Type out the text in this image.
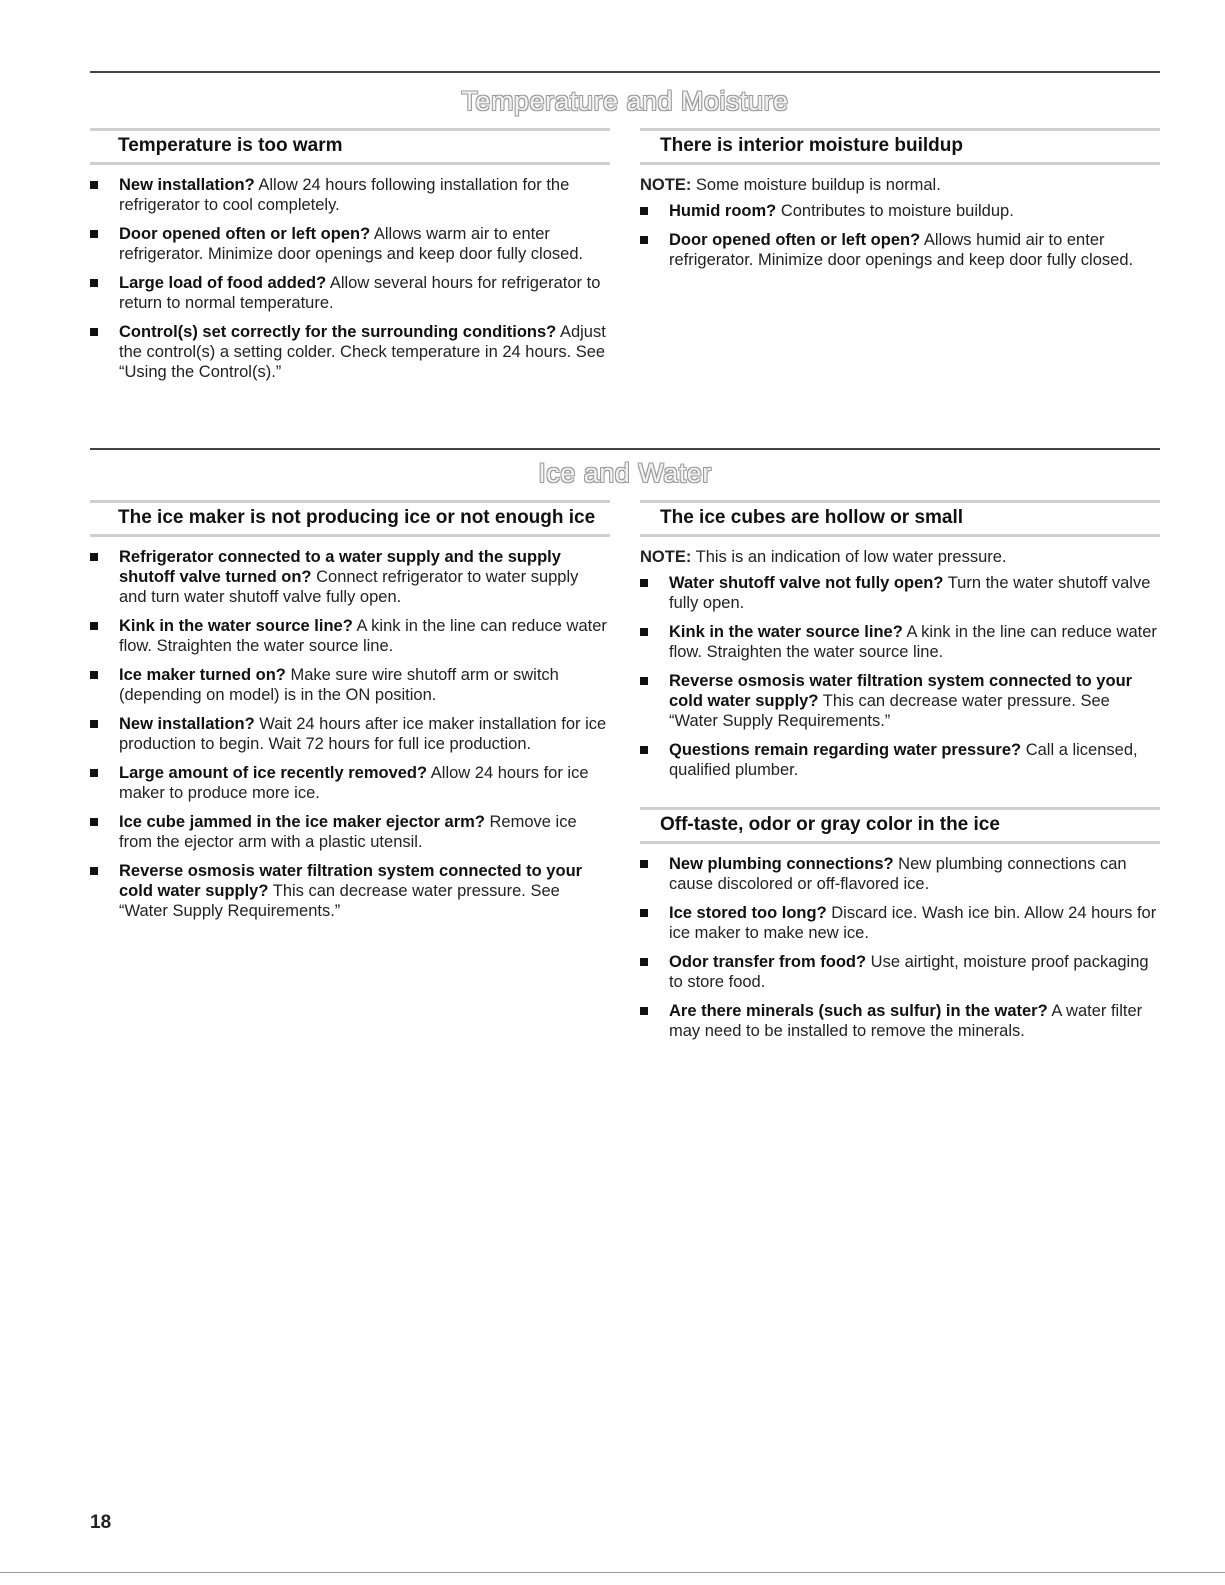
Temperature and Moisture
Temperature is too warm
New installation? Allow 24 hours following installation for the refrigerator to cool completely.
Door opened often or left open? Allows warm air to enter refrigerator. Minimize door openings and keep door fully closed.
Large load of food added? Allow several hours for refrigerator to return to normal temperature.
Control(s) set correctly for the surrounding conditions? Adjust the control(s) a setting colder. Check temperature in 24 hours. See “Using the Control(s).”
There is interior moisture buildup

NOTE: Some moisture buildup is normal.

Humid room? Contributes to moisture buildup.
Door opened often or left open? Allows humid air to enter refrigerator. Minimize door openings and keep door fully closed.
Ice and Water
The ice maker is not producing ice or not enough ice
Refrigerator connected to a water supply and the supply shutoff valve turned on? Connect refrigerator to water supply and turn water shutoff valve fully open.
Kink in the water source line? A kink in the line can reduce water flow. Straighten the water source line.
Ice maker turned on? Make sure wire shutoff arm or switch (depending on model) is in the ON position.
New installation? Wait 24 hours after ice maker installation for ice production to begin. Wait 72 hours for full ice production.
Large amount of ice recently removed? Allow 24 hours for ice maker to produce more ice.
Ice cube jammed in the ice maker ejector arm? Remove ice from the ejector arm with a plastic utensil.
Reverse osmosis water filtration system connected to your cold water supply? This can decrease water pressure. See “Water Supply Requirements.”
The ice cubes are hollow or small

NOTE: This is an indication of low water pressure.

Water shutoff valve not fully open? Turn the water shutoff valve fully open.
Kink in the water source line? A kink in the line can reduce water flow. Straighten the water source line.
Reverse osmosis water filtration system connected to your cold water supply? This can decrease water pressure. See “Water Supply Requirements.”
Questions remain regarding water pressure? Call a licensed, qualified plumber.
Off-taste, odor or gray color in the ice
New plumbing connections? New plumbing connections can cause discolored or off-flavored ice.
Ice stored too long? Discard ice. Wash ice bin. Allow 24 hours for ice maker to make new ice.
Odor transfer from food? Use airtight, moisture proof packaging to store food.
Are there minerals (such as sulfur) in the water? A water filter may need to be installed to remove the minerals.
18
